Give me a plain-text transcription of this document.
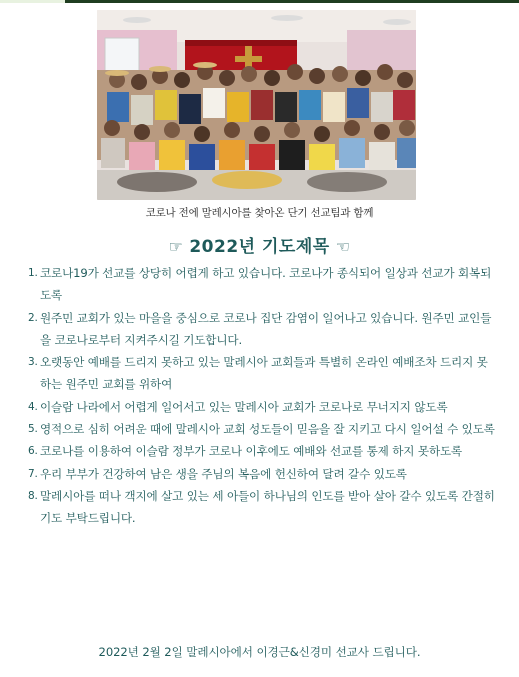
코로나 전에 말레시아를 찾아온 단기 선교팀과 함께
☞ 2022년 기도제목 ☜
1. 코로나19가 선교를 상당히 어렵게 하고 있습니다. 코로나가 종식되어 일상과 선교가 회복되도록
2. 원주민 교회가 있는 마을을 중심으로 코로나 집단 감염이 일어나고 있습니다. 원주민 교인들을 코로나로부터 지켜주시길 기도합니다.
3. 오랫동안 예배를 드리지 못하고 있는 말레시아 교회들과 특별히 온라인 예배조차 드리지 못하는 원주민 교회를 위하여
4. 이슬람 나라에서 어렵게 일어서고 있는 말레시아 교회가 코로나로 무너지지 않도록
5. 영적으로 심히 어려운 때에 말레시아 교회 성도들이 믿음을 잘 지키고 다시 일어설 수 있도록
6. 코로나를 이용하여 이슬람 정부가 코로나 이후에도 예배와 선교를 통제 하지 못하도록
7. 우리 부부가 건강하여 남은 생을 주님의 복음에 헌신하여 달려 갈수 있도록
8. 말레시아를 떠나 객지에 살고 있는 세 아들이 하나님의 인도를 받아 살아 갈수 있도록 간절히 기도 부탁드립니다.
2022년 2월 2일 말레시아에서 이경근&신경미 선교사 드립니다.
